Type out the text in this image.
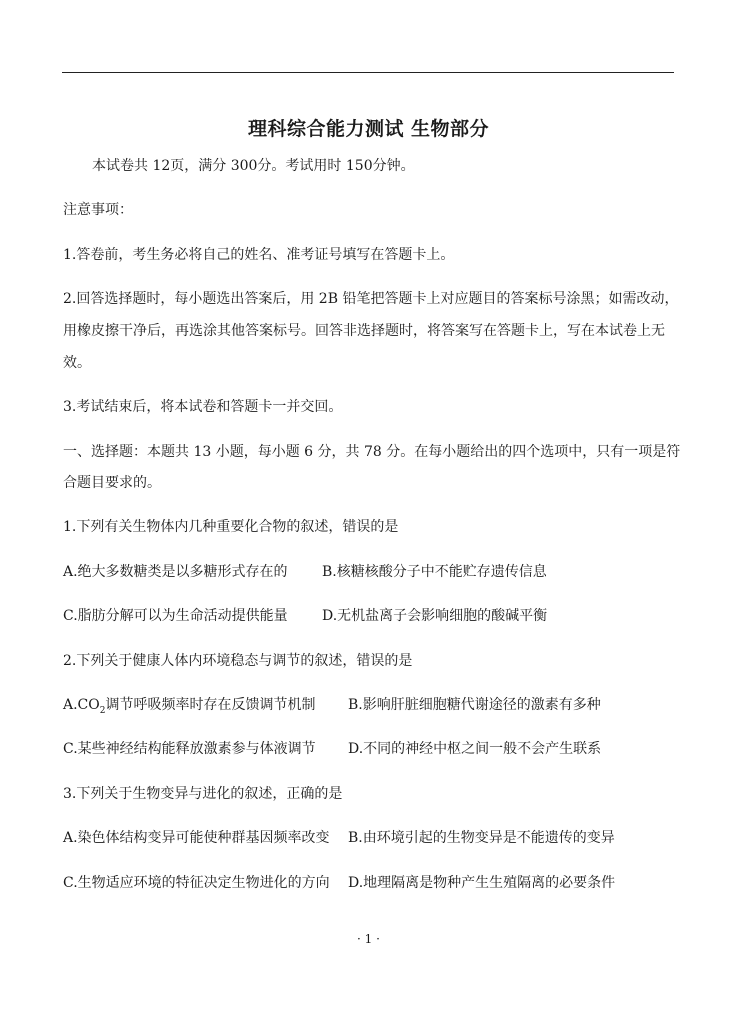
理科综合能力测试 生物部分
本试卷共 12页，满分 300分。考试用时 150分钟。
注意事项：
1.答卷前，考生务必将自己的姓名、准考证号填写在答题卡上。
2.回答选择题时，每小题选出答案后，用 2B 铅笔把答题卡上对应题目的答案标号涂黑；如需改动，
用橡皮擦干净后，再选涂其他答案标号。回答非选择题时，将答案写在答题卡上，写在本试卷上无
效。
3.考试结束后，将本试卷和答题卡一并交回。
一、选择题：本题共 13 小题，每小题 6 分，共 78 分。在每小题给出的四个选项中，只有一项是符
合题目要求的。
1.下列有关生物体内几种重要化合物的叙述，错误的是
A.绝大多数糖类是以多糖形式存在的 B.核糖核酸分子中不能贮存遗传信息
C.脂肪分解可以为生命活动提供能量 D.无机盐离子会影响细胞的酸碱平衡
2.下列关于健康人体内环境稳态与调节的叙述，错误的是
$A.CO_2$调节呼吸频率时存在反馈调节机制 B.影响肝脏细胞糖代谢途径的激素有多种
C.某些神经结构能释放激素参与体液调节 D.不同的神经中枢之间一般不会产生联系
3.下列关于生物变异与进化的叙述，正确的是
A.染色体结构变异可能使种群基因频率改变 B.由环境引起的生物变异是不能遗传的变异
C.生物适应环境的特征决定生物进化的方向 D.地理隔离是物种产生生殖隔离的必要条件
· 1 ·
